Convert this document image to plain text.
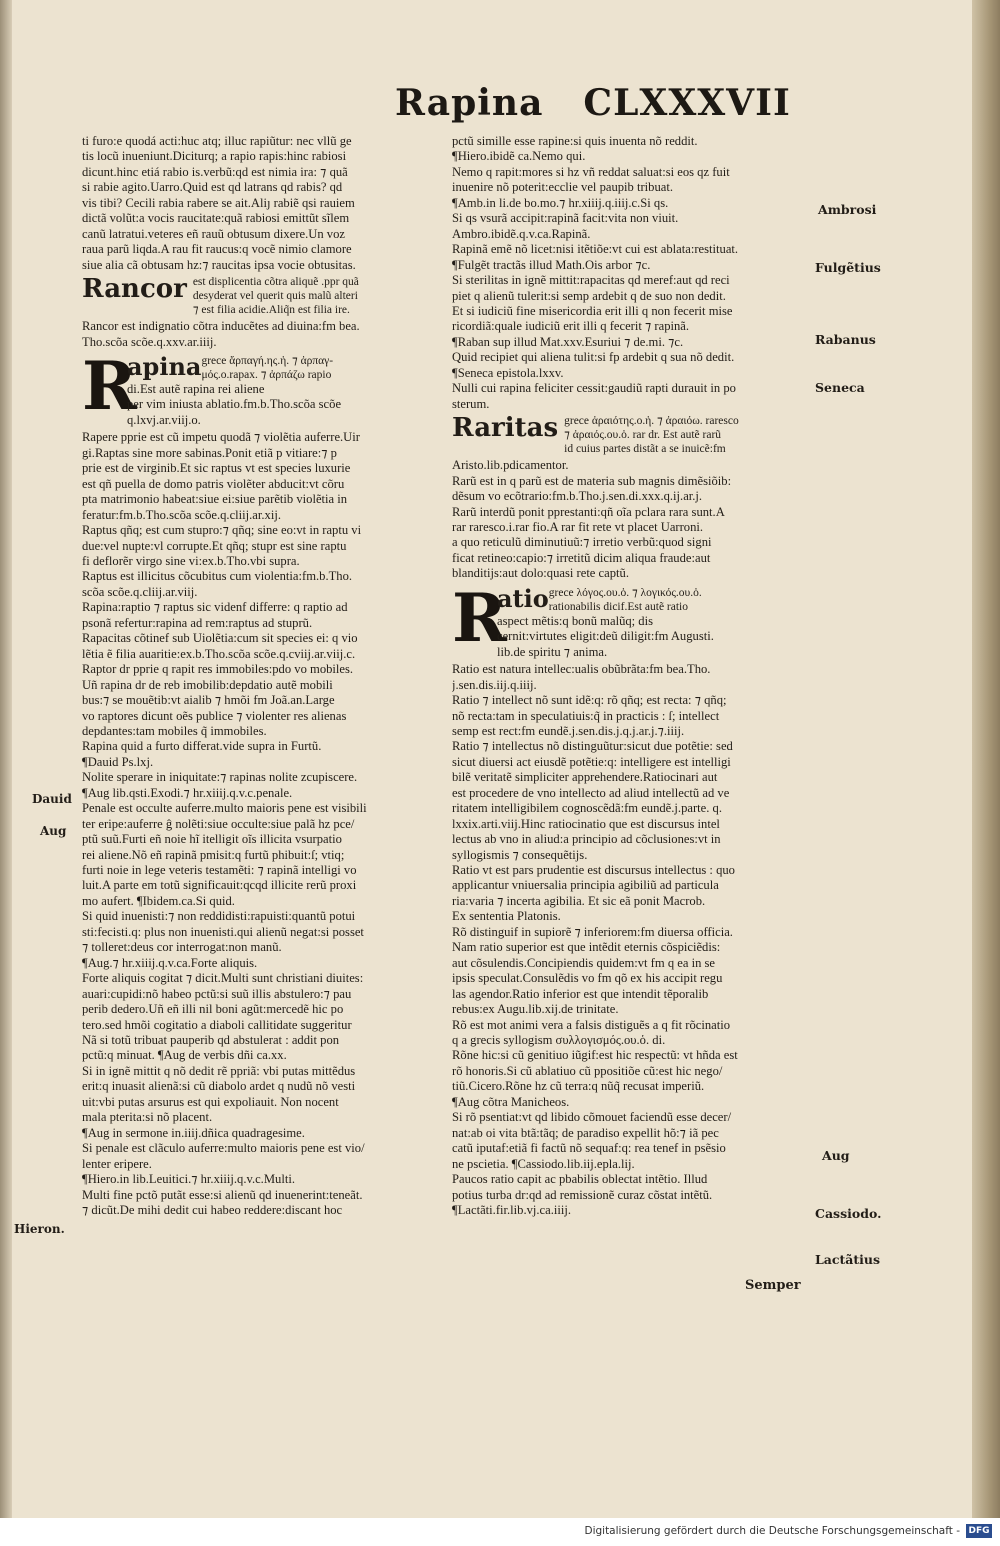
Rapina CLXXXVII

ti furo:e quodá acti:huc atq; illuc rapiũtur: nec vllũ ge

tis locũ inueniunt.Diciturq; a rapio rapis:hinc rabiosi

dicunt.hinc etiá rabio is.verbũ:qd est nimia ira: ⁊ quã

si rabie agito.Uarro.Quid est qd latrans qd rabis? qd

vis tibi? Cecili rabia rabere se ait.Aliȷ rabiẽ qsi rauiem

dictã volũt:a vocis raucitate:quã rabiosi emittũt sĩlem

canũ latratui.veteres eñ rauũ obtusum dixere.Un voz

raua parũ liqda.A rau fit raucus:q vocẽ nimio clamore

siue alia cã obtusam hz:⁊ raucitas ipsa vocie obtusitas.

Rancor est displicentia cõtra aliquẽ .ppr quã

desyderat vel querit quis malũ alteri

⁊ est filia acidie.Aliq̃n est filia ire.

Rancor est indignatio cõtra inducẽtes ad diuina:fm bea.

Tho.scõa scõe.q.xxv.ar.iiij.

R
apina grece ἅρπαγή.ης.ἡ. ⁊ ἁρπαγ-

μός.ο.rapax. ⁊ ἁρπάζω rapio

di.Est autẽ rapina rei aliene

per vim iniusta ablatio.fm.b.Tho.scõa scõe

q.lxvj.ar.viij.o.

Rapere pprie est cũ impetu quodã ⁊ violẽtia auferre.Uir

gi.Raptas sine more sabinas.Ponit etiã p vitiare:⁊ p

prie est de virginib.Et sic raptus vt est species luxurie

est qñ puella de domo patris violẽter abducit:vt cõru

pta matrimonio habeat:siue ei:siue parẽtib violẽtia in

feratur:fm.b.Tho.scõa scõe.q.cliij.ar.xij.

Raptus qñq; est cum stupro:⁊ qñq; sine eo:vt in raptu vi

due:vel nupte:vl corrupte.Et qñq; stupr est sine raptu

fi deflorẽr virgo sine vi:ex.b.Tho.vbi supra.

Raptus est illicitus cõcubitus cum violentia:fm.b.Tho.

scõa scõe.q.cliij.ar.viij.

Rapina:raptio ⁊ raptus sic videnf differre: q raptio ad

psonã refertur:rapina ad rem:raptus ad stuprũ.

Rapacitas cõtinef sub Uiolẽtia:cum sit species ei: q vio

lẽtia ẽ filia auaritie:ex.b.Tho.scõa scõe.q.cviij.ar.viij.c.

Raptor dr pprie q rapit res immobiles:pdo vo mobiles.

Uñ rapina dr de reb imobilib:depdatio autẽ mobili

bus:⁊ se mouẽtib:vt aialib ⁊ hmõi fm Joã.an.Large

vo raptores dicunt oẽs publice ⁊ violenter res alienas

depdantes:tam mobiles q̃ immobiles.

Rapina quid a furto differat.vide supra in Furtũ.

¶Dauid Ps.lxj.

Nolite sperare in iniquitate:⁊ rapinas nolite zcupiscere.

¶Aug lib.qsti.Exodi.⁊ hr.xiiij.q.v.c.penale.

Penale est occulte auferre.multo maioris pene est visibili

ter eripe:auferre ĝ nolẽti:siue occulte:siue palã hz pce/

ptũ suũ.Furti eñ noie hĩ itelligit oĩs illicita vsurpatio

rei aliene.Nõ eñ rapinã pmisit:q furtũ phibuit:ſ; vtiq;

furti noie in lege veteris testamẽti: ⁊ rapinã intelligi vo

luit.A parte em totũ significauit:qcqd illicite rerũ proxi

mo aufert. ¶Ibidem.ca.Si quid.

Si quid inuenisti:⁊ non reddidisti:rapuisti:quantũ potui

sti:fecisti.q: plus non inuenisti.qui alienũ negat:si posset

⁊ tolleret:deus cor interrogat:non manũ.

¶Aug.⁊ hr.xiiij.q.v.ca.Forte aliquis.

Forte aliquis cogitat ⁊ dicit.Multi sunt christiani diuites:

auari:cupidi:nõ habeo pctũ:si suũ illis abstulero:⁊ pau

perib dedero.Uñ eñ illi nil boni agũt:mercedẽ hic po

tero.sed hmõi cogitatio a diaboli callitidate suggeritur

Nã si totũ tribuat pauperib qd abstulerat : addit pon

pctũ:q minuat. ¶Aug de verbis dñi ca.xx.

Si in ignẽ mittit q nõ dedit rẽ ppriã: vbi putas mittẽdus

erit:q inuasit alienã:si cũ diabolo ardet q nudũ nõ vesti

uit:vbi putas arsurus est qui expoliauit. Non nocent

mala pterita:si nõ placent.

¶Aug in sermone in.iiij.dñica quadragesime.

Si penale est clãculo auferre:multo maioris pene est vio/

lenter eripere.

¶Hiero.in lib.Leuitici.⁊ hr.xiiij.q.v.c.Multi.

Multi fine pctõ putãt esse:si alienũ qd inuenerint:teneãt.

⁊ dicũt.De mihi dedit cui habeo reddere:discant hoc

pctũ simille esse rapine:si quis inuenta nõ reddit.

¶Hiero.ibidẽ ca.Nemo qui.

Nemo q rapit:mores si hz vñ reddat saluat:si eos qz fuit

inuenire nõ poterit:ecclie vel paupib tribuat.

¶Amb.in li.de bo.mo.⁊ hr.xiiij.q.iiij.c.Si qs.

Si qs vsurã accipit:rapinã facit:vita non viuit.

Ambro.ibidẽ.q.v.ca.Rapinã.

Rapinã emẽ nõ licet:nisi itẽtiõe:vt cui est ablata:restituat.

¶Fulgẽt tractãs illud Math.Ois arbor ⁊c.

Si sterilitas in ignẽ mittit:rapacitas qd meref:aut qd reci

piet q alienũ tulerit:si semp ardebit q de suo non dedit.

Et si iudiciũ fine misericordia erit illi q non fecerit mise

ricordiã:quale iudiciũ erit illi q fecerit ⁊ rapinã.

¶Raban sup illud Mat.xxv.Esuriui ⁊ de.mi. ⁊c.

Quid recipiet qui aliena tulit:si fp ardebit q sua nõ dedit.

¶Seneca epistola.lxxv.

Nulli cui rapina feliciter cessit:gaudiũ rapti durauit in po

sterum.

Raritas grece ἀραιότης.ο.ἡ. ⁊ ἀραιόω. raresco

⁊ ἀραιός.ου.ὁ. rar dr. Est autẽ rarũ

id cuius partes distãt a se inuicẽ:fm

Aristo.lib.pdicamentor.

Rarũ est in q parũ est de materia sub magnis dimẽsiõib:

dẽsum vo ecõtrario:fm.b.Tho.j.sen.di.xxx.q.ij.ar.j.

Rarũ interdũ ponit pprestanti:qñ oĩa pclara rara sunt.A

rar raresco.i.rar fio.A rar fit rete vt placet Uarroni.

a quo reticulũ diminutiuũ:⁊ irretio verbũ:quod signi

ficat retineo:capio:⁊ irretitũ dicim aliqua fraude:aut

blanditijs:aut dolo:quasi rete captũ.

R
atio grece λόγος.ου.ὁ. ⁊ λογικός.ου.ὁ.

rationabilis dicif.Est autẽ ratio

aspect mẽtis:q bonũ malũq; dis

cernit:virtutes eligit:deũ diligit:fm Augusti.

lib.de spiritu ⁊ anima.

Ratio est natura intellec:ualis obũbrãta:fm bea.Tho.

j.sen.dis.iij.q.iiij.

Ratio ⁊ intellect nõ sunt idẽ:q: rõ qñq; est recta: ⁊ qñq;

nõ recta:tam in speculatiuis:q̃ in practicis : ſ; intellect

semp est rect:fm eundẽ.j.sen.dis.j.q.j.ar.j.⁊.iiij.

Ratio ⁊ intellectus nõ distinguũtur:sicut due potẽtie: sed

sicut diuersi act eiusdẽ potẽtie:q: intelligere est intelligi

bilẽ veritatẽ simpliciter apprehendere.Ratiocinari aut

est procedere de vno intellecto ad aliud intellectũ ad ve

ritatem intelligibilem cognoscẽdã:fm eundẽ.j.parte. q.

lxxix.arti.viij.Hinc ratiocinatio que est discursus intel

lectus ab vno in aliud:a principio ad cõclusiones:vt in

syllogismis ⁊ consequẽtijs.

Ratio vt est pars prudentie est discursus intellectus : quo

applicantur vniuersalia principia agibiliũ ad particula

ria:varia ⁊ incerta agibilia. Et sic eã ponit Macrob.

Ex sententia Platonis.

Rõ distinguif in supiorẽ ⁊ inferiorem:fm diuersa officia.

Nam ratio superior est que intẽdit eternis cõspiciẽdis:

aut cõsulendis.Concipiendis quidem:vt fm q ea in se

ipsis speculat.Consulẽdis vo fm qõ ex his accipit regu

las agendor.Ratio inferior est que intendit tẽporalib

rebus:ex Augu.lib.xij.de trinitate.

Rõ est mot animi vera a falsis distiguẽs a q fit rõcinatio

q a grecis syllogism συλλογισμός.ου.ὁ. di.

Rõne hic:si cũ genitiuo iũgif:est hic respectũ: vt hñda est

rõ honoris.Si cũ ablatiuo cũ ppositiõe cũ:est hic nego/

tiũ.Cicero.Rõne hz cũ terra:q nũq̃ recusat imperiũ.

¶Aug cõtra Manicheos.

Si rõ psentiat:vt qd libido cõmouet faciendũ esse decer/

nat:ab oi vita btã:tãq; de paradiso expellit hõ:⁊ iã pec

catũ iputaf:etiã fi factũ nõ sequaf:q: rea tenef in psẽsio

ne pscietia. ¶Cassiodo.lib.iij.epla.lij.

Paucos ratio capit ac pbabilis oblectat intẽtio. Illud

potius turba dr:qd ad remissionẽ curaz cõstat intẽtũ.

¶Lactãti.fir.lib.vj.ca.iiij.

Dauid
Aug
Hieron.
Ambrosi
Fulgẽtius
Rabanus
Seneca
Aug
Cassiodo.
Lactãtius
Semper
Digitalisierung gefördert durch die Deutsche Forschungsgemeinschaft - DFG
